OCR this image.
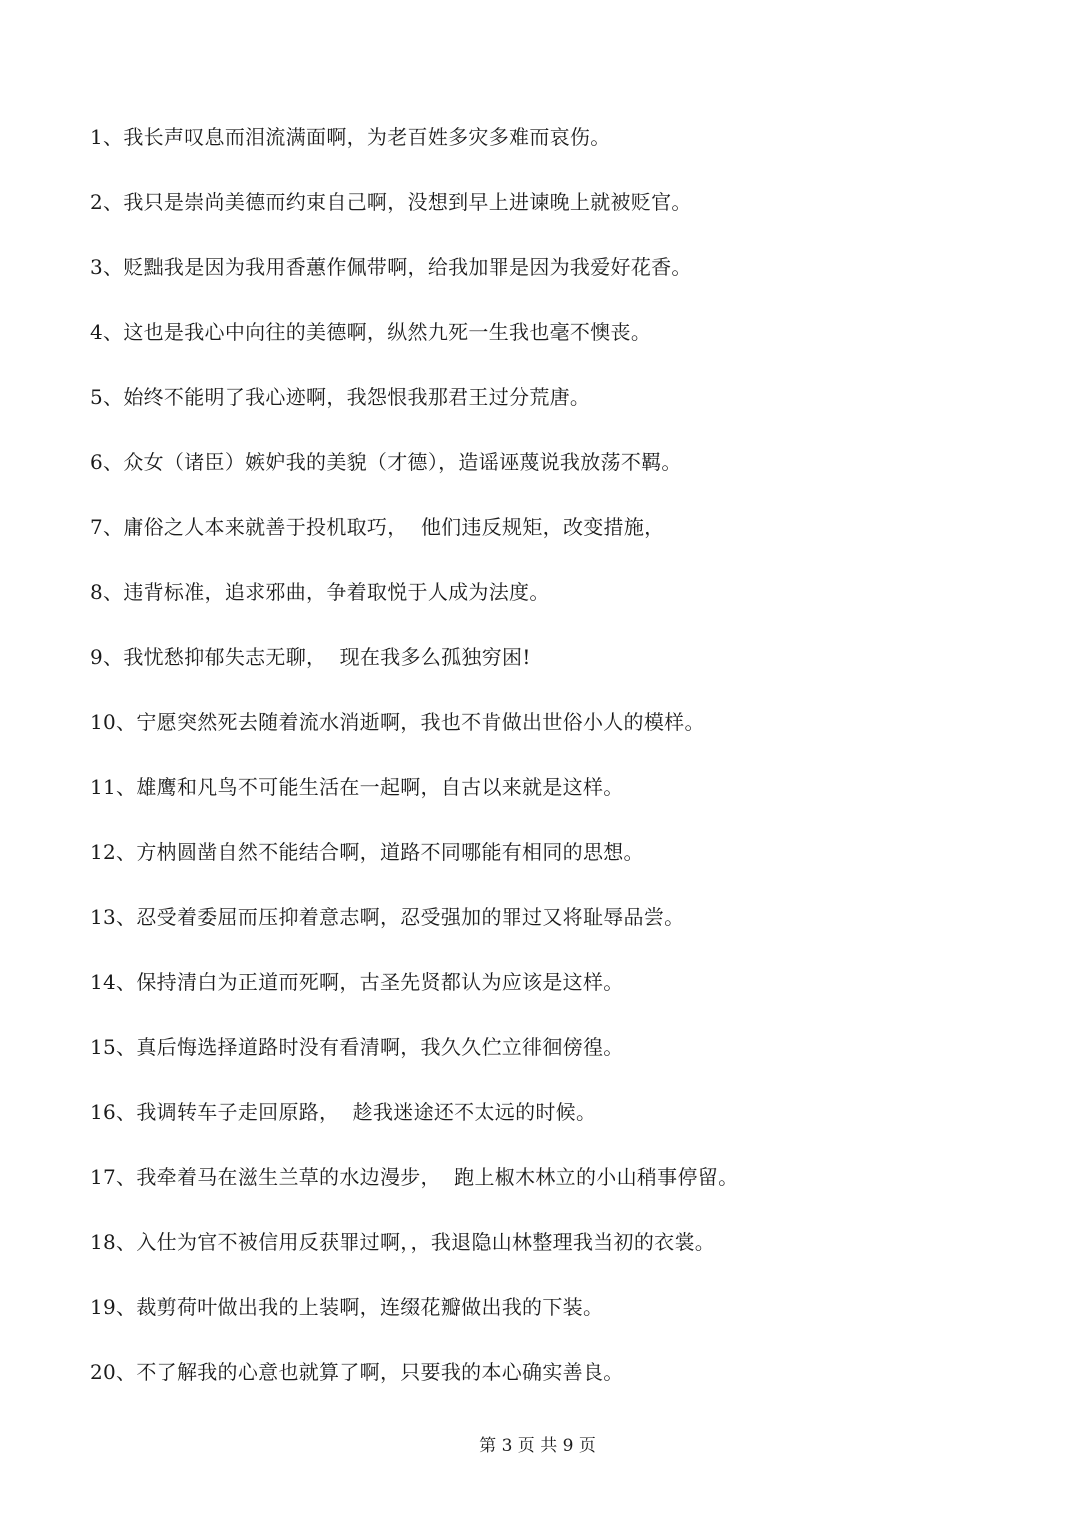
1、我长声叹息而泪流满面啊，为老百姓多灾多难而哀伤。
2、我只是崇尚美德而约束自己啊，没想到早上进谏晚上就被贬官。
3、贬黜我是因为我用香蕙作佩带啊，给我加罪是因为我爱好花香。
4、这也是我心中向往的美德啊，纵然九死一生我也毫不懊丧。
5、始终不能明了我心迹啊，我怨恨我那君王过分荒唐。
6、众女（诸臣）嫉妒我的美貌（才德），造谣诬蔑说我放荡不羁。
7、庸俗之人本来就善于投机取巧，  他们违反规矩，改变措施，
8、违背标准，追求邪曲，争着取悦于人成为法度。
9、我忧愁抑郁失志无聊，  现在我多么孤独穷困!
10、宁愿突然死去随着流水消逝啊，我也不肯做出世俗小人的模样。
11、雄鹰和凡鸟不可能生活在一起啊，自古以来就是这样。
12、方枘圆凿自然不能结合啊，道路不同哪能有相同的思想。
13、忍受着委屈而压抑着意志啊，忍受强加的罪过又将耻辱品尝。
14、保持清白为正道而死啊，古圣先贤都认为应该是这样。
15、真后悔选择道路时没有看清啊，我久久伫立徘徊傍徨。
16、我调转车子走回原路，  趁我迷途还不太远的时候。
17、我牵着马在滋生兰草的水边漫步，  跑上椒木林立的小山稍事停留。
18、入仕为官不被信用反获罪过啊，，我退隐山林整理我当初的衣裳。
19、裁剪荷叶做出我的上装啊，连缀花瓣做出我的下装。
20、不了解我的心意也就算了啊，只要我的本心确实善良。
第 3 页 共 9 页
